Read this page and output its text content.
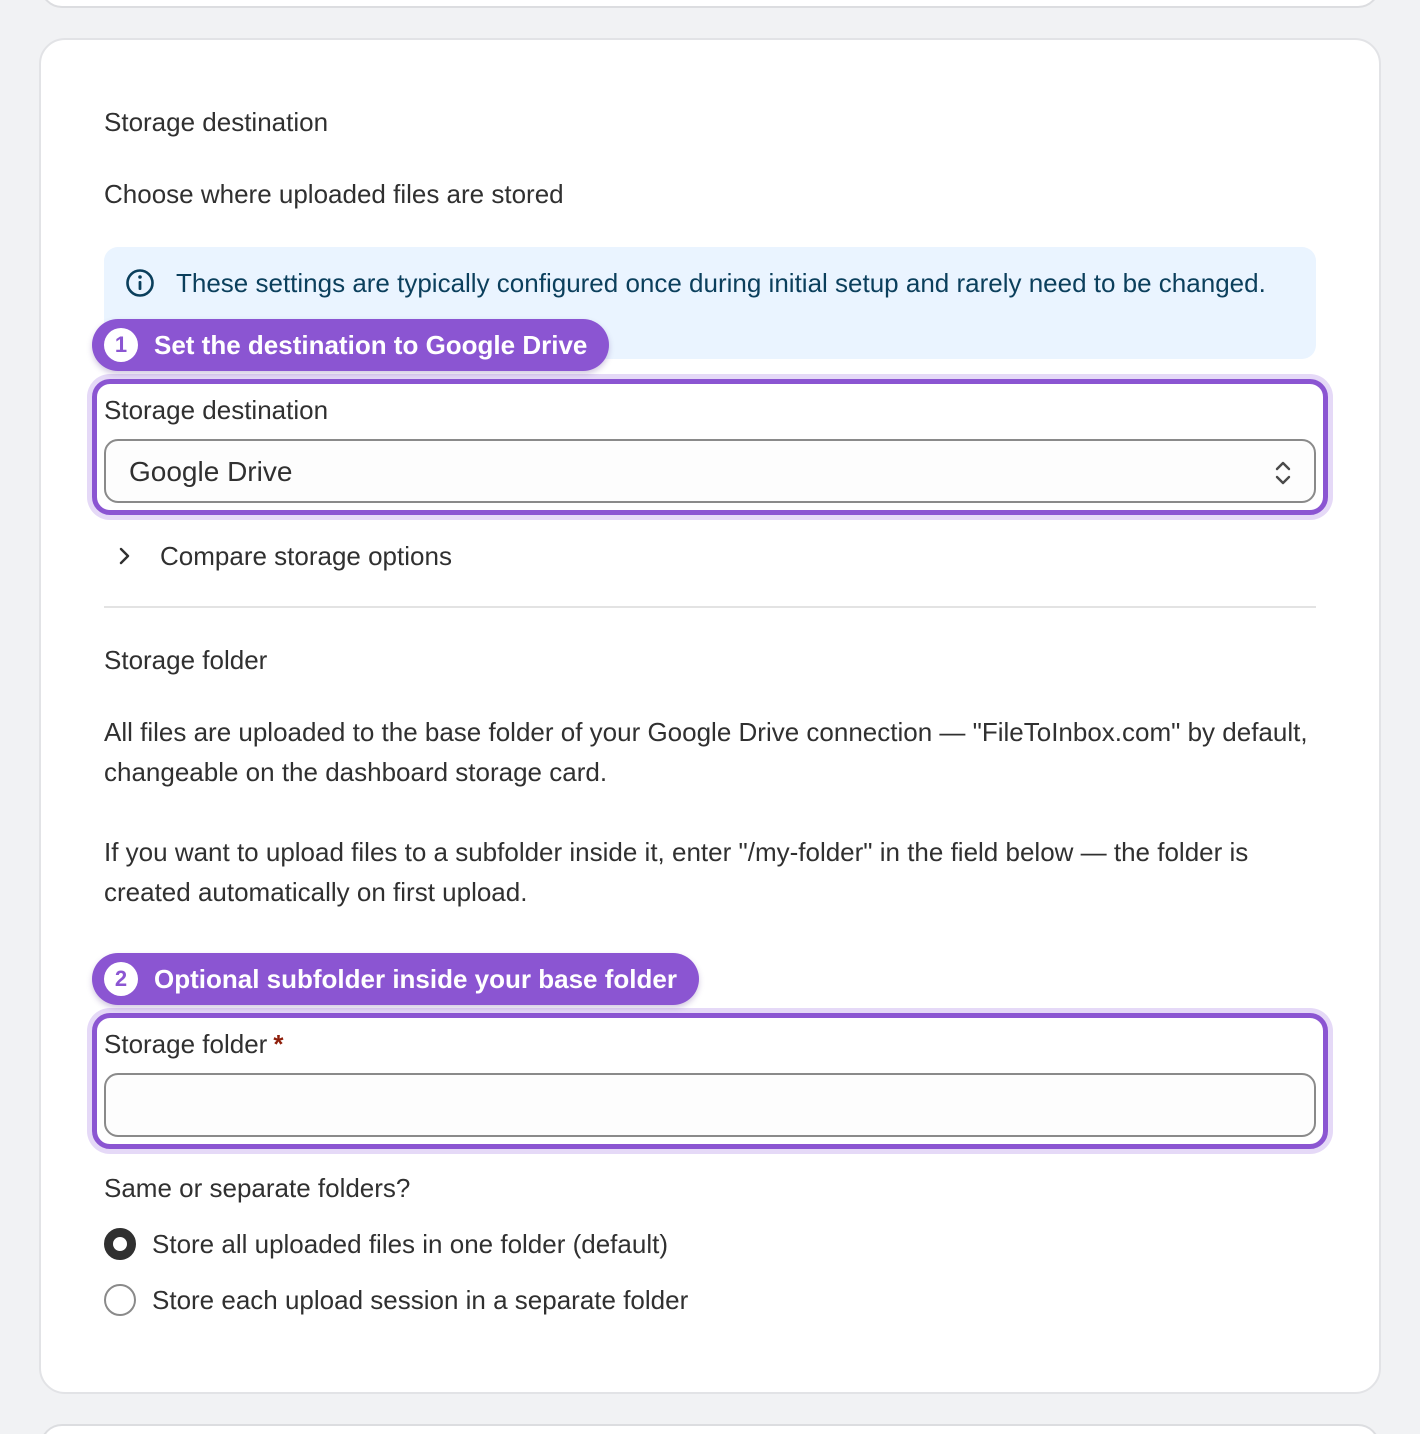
Storage destination
Choose where uploaded files are stored
These settings are typically configured once during initial setup and rarely need to be changed.
Storage destination
Google Drive
1	Set the destination to Google Drive
Compare storage options
Storage folder
All files are uploaded to the base folder of your Google Drive connection — "FileToInbox.com" by default, changeable on the dashboard storage card.
If you want to upload files to a subfolder inside it, enter "/my-folder" in the field below — the folder is created automatically on first upload.
Storage folder *
2	Optional subfolder inside your base folder
Same or separate folders?
Store all uploaded files in one folder (default)
Store each upload session in a separate folder
